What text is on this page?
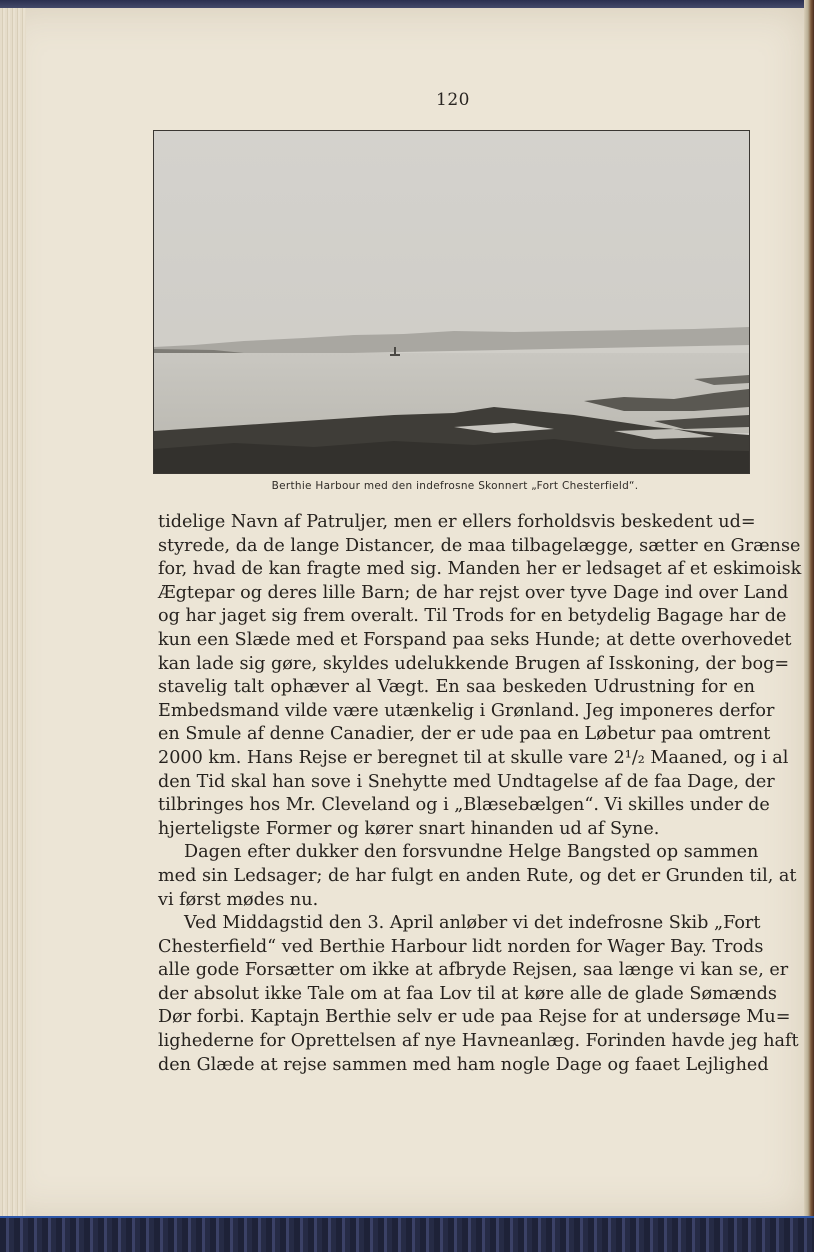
120
Berthie Harbour med den indefrosne Skonnert „Fort Chesterfield“.
tidelige Navn af Patruljer, men er ellers forholdsvis beskedent ud=
styrede, da de lange Distancer, de maa tilbagelægge, sætter en Grænse
for, hvad de kan fragte med sig. Manden her er ledsaget af et eskimoisk
Ægtepar og deres lille Barn; de har rejst over tyve Dage ind over Land
og har jaget sig frem overalt. Til Trods for en betydelig Bagage har de
kun een Slæde med et Forspand paa seks Hunde; at dette overhovedet
kan lade sig gøre, skyldes udelukkende Brugen af Isskoning, der bog=
stavelig talt ophæver al Vægt. En saa beskeden Udrustning for en
Embedsmand vilde være utænkelig i Grønland. Jeg imponeres derfor
en Smule af denne Canadier, der er ude paa en Løbetur paa omtrent
2000 km. Hans Rejse er beregnet til at skulle vare 2¹/₂ Maaned, og i al
den Tid skal han sove i Snehytte med Undtagelse af de faa Dage, der
tilbringes hos Mr. Cleveland og i „Blæsebælgen“. Vi skilles under de
hjerteligste Former og kører snart hinanden ud af Syne.
Dagen efter dukker den forsvundne Helge Bangsted op sammen
med sin Ledsager; de har fulgt en anden Rute, og det er Grunden til, at
vi først mødes nu.
Ved Middagstid den 3. April anløber vi det indefrosne Skib „Fort
Chesterfield“ ved Berthie Harbour lidt norden for Wager Bay. Trods
alle gode Forsætter om ikke at afbryde Rejsen, saa længe vi kan se, er
der absolut ikke Tale om at faa Lov til at køre alle de glade Sømænds
Dør forbi. Kaptajn Berthie selv er ude paa Rejse for at undersøge Mu=
lighederne for Oprettelsen af nye Havneanlæg. Forinden havde jeg haft
den Glæde at rejse sammen med ham nogle Dage og faaet Lejlighed
